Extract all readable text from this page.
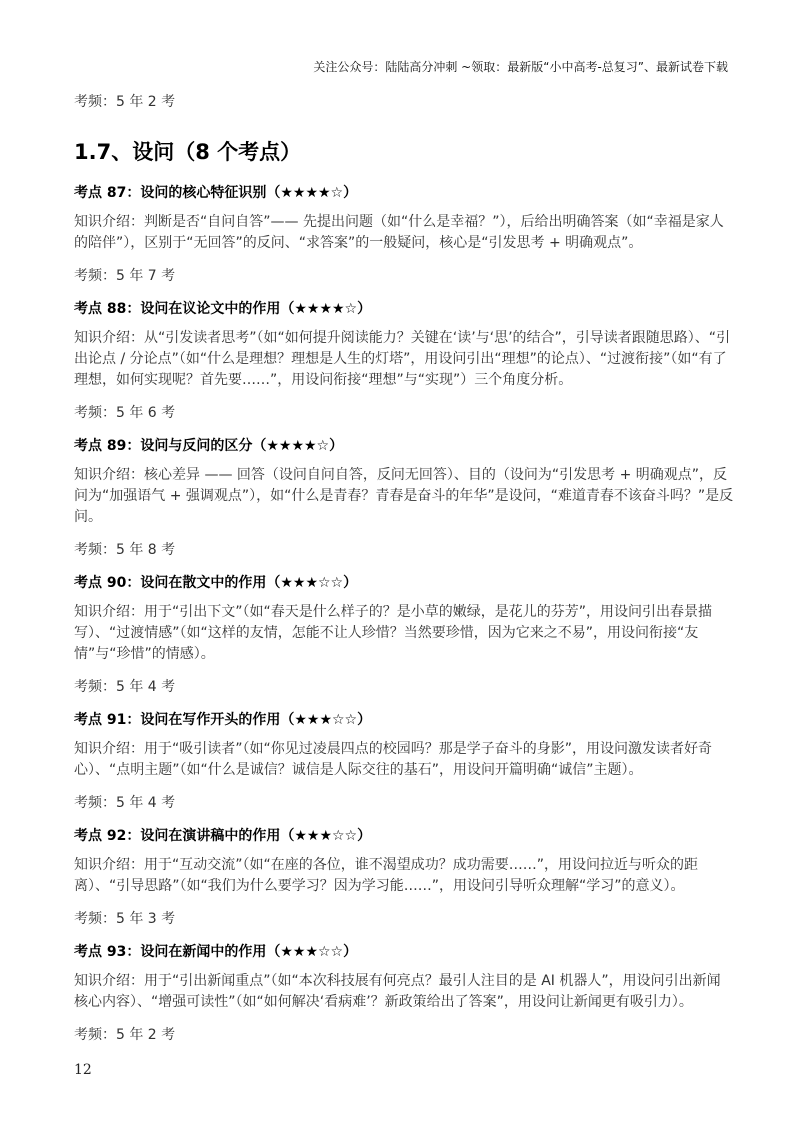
关注公众号：陆陆高分冲刺 ~领取：最新版“小中高考-总复习”、最新试卷下载
考频：5 年 2 考
1.7、设问（8 个考点）
考点 87：设问的核心特征识别（★★★★☆）
知识介绍：判断是否“自问自答”—— 先提出问题（如“什么是幸福？”），后给出明确答案（如“幸福是家人的陪伴”），区别于“无回答”的反问、“求答案”的一般疑问，核心是“引发思考 + 明确观点”。
考频：5 年 7 考
考点 88：设问在议论文中的作用（★★★★☆）
知识介绍：从“引发读者思考”（如“如何提升阅读能力？关键在‘读’与‘思’的结合”，引导读者跟随思路）、“引出论点 / 分论点”（如“什么是理想？理想是人生的灯塔”，用设问引出“理想”的论点）、“过渡衔接”（如“有了理想，如何实现呢？首先要……”，用设问衔接“理想”与“实现”）三个角度分析。
考频：5 年 6 考
考点 89：设问与反问的区分（★★★★☆）
知识介绍：核心差异 —— 回答（设问自问自答，反问无回答）、目的（设问为“引发思考 + 明确观点”，反问为“加强语气 + 强调观点”），如“什么是青春？青春是奋斗的年华”是设问，“难道青春不该奋斗吗？”是反问。
考频：5 年 8 考
考点 90：设问在散文中的作用（★★★☆☆）
知识介绍：用于“引出下文”（如“春天是什么样子的？是小草的嫩绿，是花儿的芬芳”，用设问引出春景描写）、“过渡情感”（如“这样的友情，怎能不让人珍惜？当然要珍惜，因为它来之不易”，用设问衔接“友情”与“珍惜”的情感）。
考频：5 年 4 考
考点 91：设问在写作开头的作用（★★★☆☆）
知识介绍：用于“吸引读者”（如“你见过凌晨四点的校园吗？那是学子奋斗的身影”，用设问激发读者好奇心）、“点明主题”（如“什么是诚信？诚信是人际交往的基石”，用设问开篇明确“诚信”主题）。
考频：5 年 4 考
考点 92：设问在演讲稿中的作用（★★★☆☆）
知识介绍：用于“互动交流”（如“在座的各位，谁不渴望成功？成功需要……”，用设问拉近与听众的距离）、“引导思路”（如“我们为什么要学习？因为学习能……”，用设问引导听众理解“学习”的意义）。
考频：5 年 3 考
考点 93：设问在新闻中的作用（★★★☆☆）
知识介绍：用于“引出新闻重点”（如“本次科技展有何亮点？最引人注目的是 AI 机器人”，用设问引出新闻核心内容）、“增强可读性”（如“如何解决‘看病难’？新政策给出了答案”，用设问让新闻更有吸引力）。
考频：5 年 2 考
12
